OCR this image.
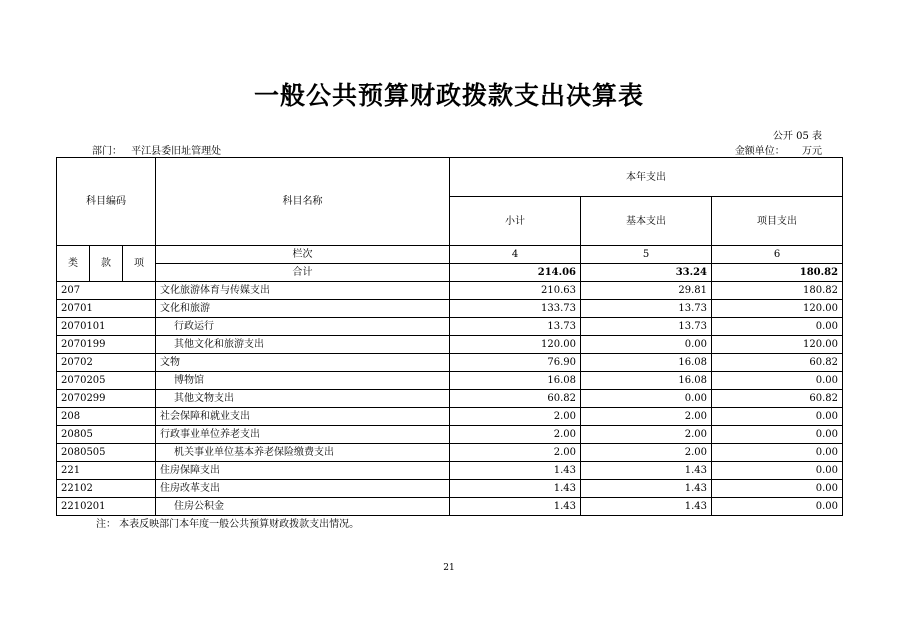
一般公共预算财政拨款支出决算表
公开 05 表
部门： 平江县委旧址管理处	金额单位： 万元
科目编码			科目名称	本年支出		
				小计	基本支出	项目支出
类	款	项	栏次	4	5	6
			合计	214.06	33.24	180.82
207			文化旅游体育与传媒支出	210.63	29.81	180.82
20701			文化和旅游	133.73	13.73	120.00
2070101			行政运行	13.73	13.73	0.00
2070199			其他文化和旅游支出	120.00	0.00	120.00
20702			文物	76.90	16.08	60.82
2070205			博物馆	16.08	16.08	0.00
2070299			其他文物支出	60.82	0.00	60.82
208			社会保障和就业支出	2.00	2.00	0.00
20805			行政事业单位养老支出	2.00	2.00	0.00
2080505			机关事业单位基本养老保险缴费支出	2.00	2.00	0.00
221			住房保障支出	1.43	1.43	0.00
22102			住房改革支出	1.43	1.43	0.00
2210201			住房公积金	1.43	1.43	0.00
注： 本表反映部门本年度一般公共预算财政拨款支出情况。
21
